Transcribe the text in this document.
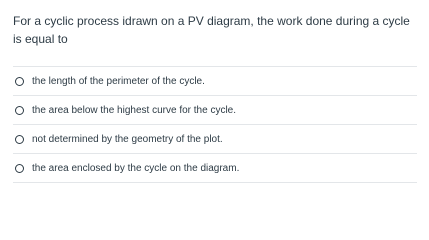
For a cyclic process idrawn on a PV diagram, the work done during a cycle is equal to

the length of the perimeter of the cycle.
the area below the highest curve for the cycle.
not determined by the geometry of the plot.
the area enclosed by the cycle on the diagram.
